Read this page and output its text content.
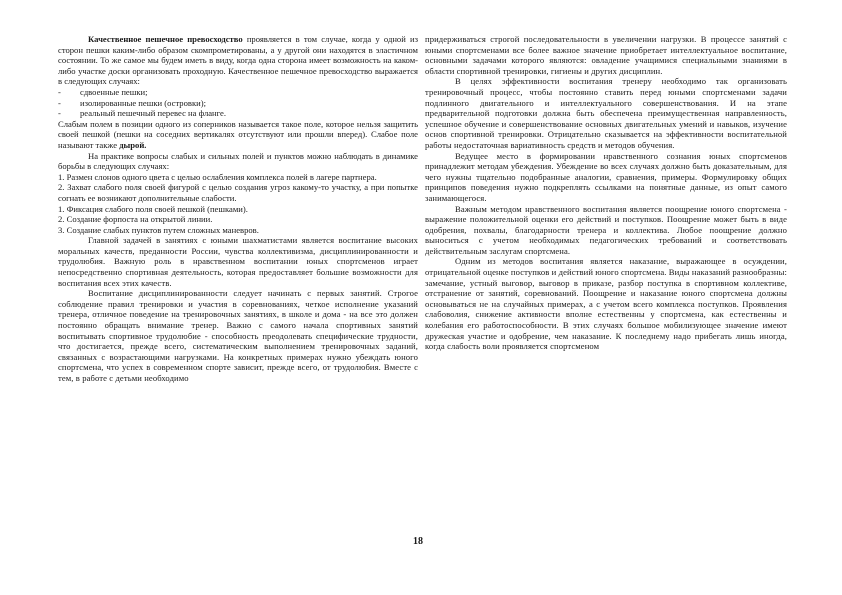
Качественное пешечное превосходство проявляется в том случае, когда у одной из сторон пешки каким-либо образом скомпрометированы, а у другой они находятся в эластичном состоянии. То же самое мы будем иметь в виду, когда одна сторона имеет возможность на каком-либо участке доски организовать проходную. Качественное пешечное превосходство выражается в следующих случаях:

-	сдвоенные пешки;
-	изолированные пешки (островки);
-	реальный пешечный перевес на фланге.

Слабым полем в позиции одного из соперников называется такое поле, которое нельзя защитить своей пешкой (пешки на соседних вертикалях отсутствуют или прошли вперед). Слабое поле называют также дырой.

На практике вопросы слабых и сильных полей и пунктов можно наблюдать в динамике борьбы в следующих случаях:

1. Размен слонов одного цвета с целью ослабления комплекса полей в лагере партнера.

2. Захват слабого поля своей фигурой с целью создания угроз какому-то участку, а при попытке согнать ее возникают дополнительные слабости.

1. Фиксация слабого поля своей пешкой (пешками).

2. Создание форпоста на открытой линии.

3. Создание слабых пунктов путем сложных маневров.

Главной задачей в занятиях с юными шахматистами является воспитание высоких моральных качеств, преданности России, чувства коллективизма, дисциплинированности и трудолюбия. Важную роль в нравственном воспитании юных спортсменов играет непосредственно спортивная деятельность, которая предоставляет большие возможности для воспитания всех этих качеств.

Воспитание дисциплинированности следует начинать с первых занятий. Строгое соблюдение правил тренировки и участия в соревнованиях, четкое исполнение указаний тренера, отличное поведение на тренировочных занятиях, в школе и дома - на все это должен постоянно обращать внимание тренер. Важно с самого начала спортивных занятий воспитывать спортивное трудолюбие - способность преодолевать специфические трудности, что достигается, прежде всего, систематическим выполнением тренировочных заданий, связанных с возрастающими нагрузками. На конкретных примерах нужно убеждать юного спортсмена, что успех в современном спорте зависит, прежде всего, от трудолюбия. Вместе с тем, в работе с детьми необходимо

придерживаться строгой последовательности в увеличении нагрузки. В процессе занятий с юными спортсменами все более важное значение приобретает интеллектуальное воспитание, основными задачами которого являются: овладение учащимися специальными знаниями в области спортивной тренировки, гигиены и других дисциплин.

В целях эффективности воспитания тренеру необходимо так организовать тренировочный процесс, чтобы постоянно ставить перед юными спортсменами задачи подлинного двигательного и интеллектуального совершенствования. И на этапе предварительной подготовки должна быть обеспечена преимущественная направленность, успешное обучение и совершенствование основных двигательных умений и навыков, изучение основ спортивной тренировки. Отрицательно сказывается на эффективности воспитательной работы недостаточная вариативность средств и методов обучения.

Ведущее место в формировании нравственного сознания юных спортсменов принадлежит методам убеждения. Убеждение во всех случаях должно быть доказательным, для чего нужны тщательно подобранные аналогии, сравнения, примеры. Формулировку общих принципов поведения нужно подкреплять ссылками на понятные данные, из опыт самого занимающегося.

Важным методом нравственного воспитания является поощрение юного спортсмена - выражение положительной оценки его действий и поступков. Поощрение может быть в виде одобрения, похвалы, благодарности тренера и коллектива. Любое поощрение должно выноситься с учетом необходимых педагогических требований и соответствовать действительным заслугам спортсмена.

Одним из методов воспитания является наказание, выражающее в осуждении, отрицательной оценке поступков и действий юного спортсмена. Виды наказаний разнообразны: замечание, устный выговор, выговор в приказе, разбор поступка в спортивном коллективе, отстранение от занятий, соревнований. Поощрение и наказание юного спортсмена должны основываться не на случайных примерах, а с учетом всего комплекса поступков. Проявления слабоволия, снижение активности вполне естественны у спортсмена, как естественны и колебания его работоспособности. В этих случаях большое мобилизующее значение имеют дружеская участие и одобрение, чем наказание. К последнему надо прибегать лишь иногда, когда слабость воли проявляется спортсменом

18
